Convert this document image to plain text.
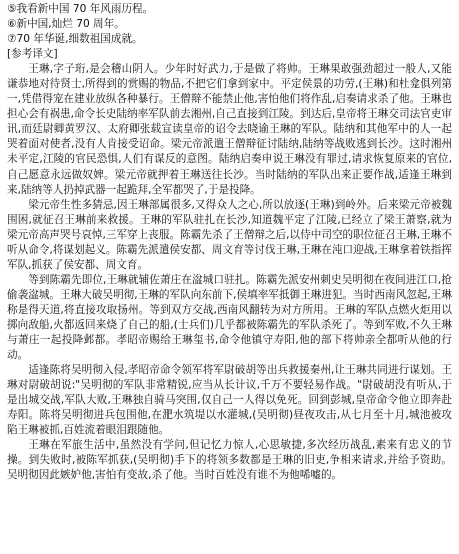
⑤我看新中国 70 年风雨历程。

⑥新中国,灿烂 70 周年。

⑦70 年华诞,细数祖国成就。

[参考译文]

王琳,字子珩,是会稽山阴人。少年时好武力,于是做了将帅。王琳果敢强劲超过一般人,又能谦恭地对待贤士,所得到的赏赐的物品,不把它们拿到家中。平定侯景的功劳,(王琳)和杜龛俱列第一,凭借得宠在建业放纵各种暴行。王僧辩不能禁止他,害怕他们将作乱,启奏请求杀了他。王琳也担心会有祸患,命令长史陆纳率军队前去湘州,自己直接到江陵。到达后,皇帝将王琳交司法官吏审讯,而廷尉卿黄罗汉、太府卿张载宣读皇帝的诏令去晓谕王琳的军队。陆纳和其他军中的人一起哭着面对使者,没有人肯接受诏命。梁元帝派遣王僧辩征讨陆纳,陆纳等战败逃到长沙。这时湘州未平定,江陵的官民恐惧,人们有谋反的意图。陆纳启奏申说王琳没有罪过,请求恢复原来的官位,自己愿意永远做奴婢。梁元帝就押着王琳送往长沙。当时陆纳的军队出来正要作战,适逢王琳到来,陆纳等人扔掉武器一起跪拜,全军都哭了,于是投降。

梁元帝生性多猜忌,因王琳部属很多,又得众人之心,所以放逐(王琳)到岭外。后来梁元帝被魏围困,就征召王琳前来救援。王琳的军队驻扎在长沙,知道魏平定了江陵,已经立了梁王萧察,就为梁元帝高声哭号哀悼,三军穿上丧服。陈霸先杀了王僧辩之后,以侍中司空的职位征召王琳,王琳不听从命令,将谋划起义。陈霸先派遣侯安都、周文育等讨伐王琳,王琳在沌口迎战,王琳拿着铁指挥军队,抓获了侯安都、周文育。

等到陈霸先即位,王琳就辅佐萧庄在湓城口驻扎。陈霸先派安州刺史吴明彻在夜间进江口,抢偷袭湓城。王琳大破吴明彻,王琳的军队向东前下,侯填率军抵御王琳进犯。当时西南风忽起,王琳称是得天道,将直接攻取扬州。等到双方交战,西南风翻转为对方所用。王琳的军队点燃火炬用以掷向敌船,火都返回来烧了自己的船,(士兵们)几乎都被陈霸先的军队杀死了。等到军败,不久王琳与萧庄一起投降邺都。孝昭帝赐给王琳玺书,命令他镇守寿阳,他的部下将帅亲全都听从他的行动。

适逢陈将吴明彻入侵,孝昭帝命令领军将军尉破胡等出兵救援秦州,让王琳共同进行谋划。王琳对尉破胡说:"吴明彻的军队非常精锐,应当从长计议,千万不要轻易作战。"尉破胡没有听从,于是出城交战,军队大败,王琳独自骑马突围,仅自己一人得以免死。回到彭城,皇帝命令他立即奔赴寿阳。陈将吴明彻进兵包围他,在淝水筑堤以水灌城,(吴明彻)昼夜攻击,从七月至十月,城池被攻陷王琳被抓,百姓流着眼泪跟随他。

王琳在军旅生活中,虽然没有学问,但记忆力惊人,心思敏捷,多次经历战乱,素来有忠义的节操。到失败时,被陈军抓获,(吴明彻)手下的将领多数都是王琳的旧吏,争相来请求,并给予资助。吴明彻因此嫉妒他,害怕有变故,杀了他。当时百姓没有谁不为他唏嘘的。
